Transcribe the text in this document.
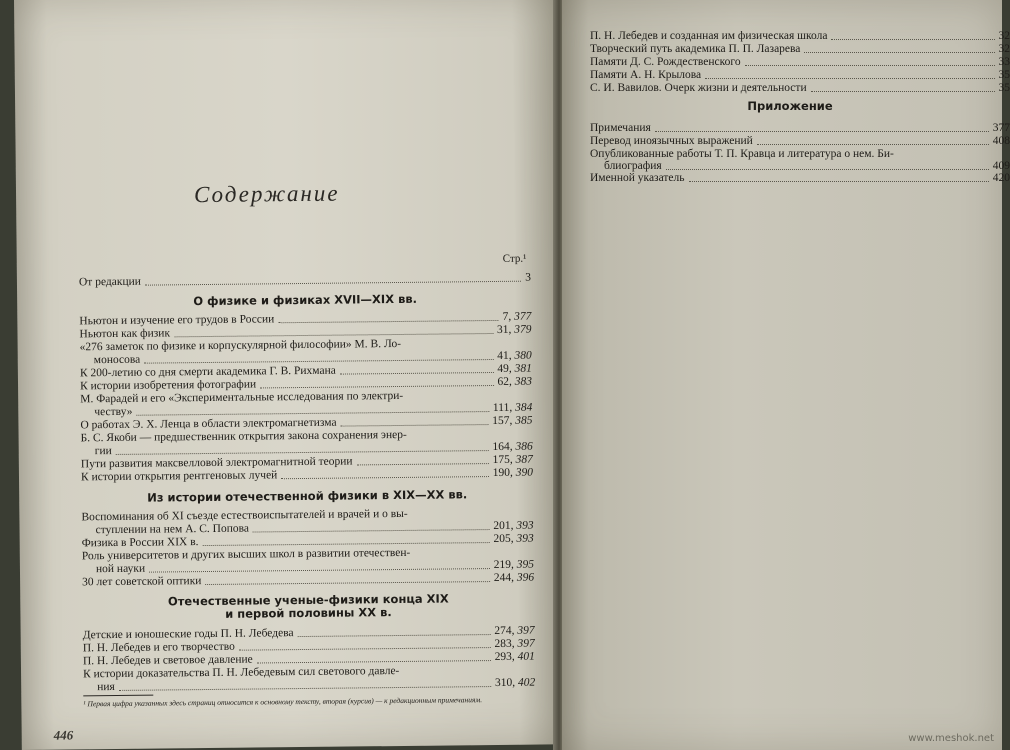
Содержание
Стр.¹
От редакции	3
О физике и физиках XVII—XIX вв.
Ньютон и изучение его трудов в России	7, 377
Ньютон как физик	31, 379
«276 заметок по физике и корпускулярной философии» М. В. Ло-
моносова	41, 380
К 200-летию со дня смерти академика Г. В. Рихмана	49, 381
К истории изобретения фотографии	62, 383
М. Фарадей и его «Экспериментальные исследования по электри-
честву»	111, 384
О работах Э. Х. Ленца в области электромагнетизма	157, 385
Б. С. Якоби — предшественник открытия закона сохранения энер-
гии	164, 386
Пути развития максвелловой электромагнитной теории	175, 387
К истории открытия рентгеновых лучей	190, 390
Из истории отечественной физики в XIX—XX вв.
Воспоминания об XI съезде естествоиспытателей и врачей и о вы-
ступлении на нем А. С. Попова	201, 393
Физика в России XIX в.	205, 393
Роль университетов и других высших школ в развитии отечествен-
ной науки	219, 395
30 лет советской оптики	244, 396
Отечественные ученые-физики конца XIX
и первой половины XX в.
Детские и юношеские годы П. Н. Лебедева	274, 397
П. Н. Лебедев и его творчество	283, 397
П. Н. Лебедев и световое давление	293, 401
К истории доказательства П. Н. Лебедевым сил светового давле-
ния	310, 402
¹ Первая цифра указанных здесь страниц относится к основному тексту, вторая (курсив) — к редакционным примечаниям.
446
П. Н. Лебедев и созданная им физическая школа	32
Творческий путь академика П. П. Лазарева	32
Памяти Д. С. Рождественского	33
Памяти А. Н. Крылова	35
С. И. Вавилов. Очерк жизни и деятельности	35
Приложение
Примечания	377
Перевод иноязычных выражений	408
Опубликованные работы Т. П. Кравца и литература о нем. Би-
блиография	409
Именной указатель	420
www.meshok.net
